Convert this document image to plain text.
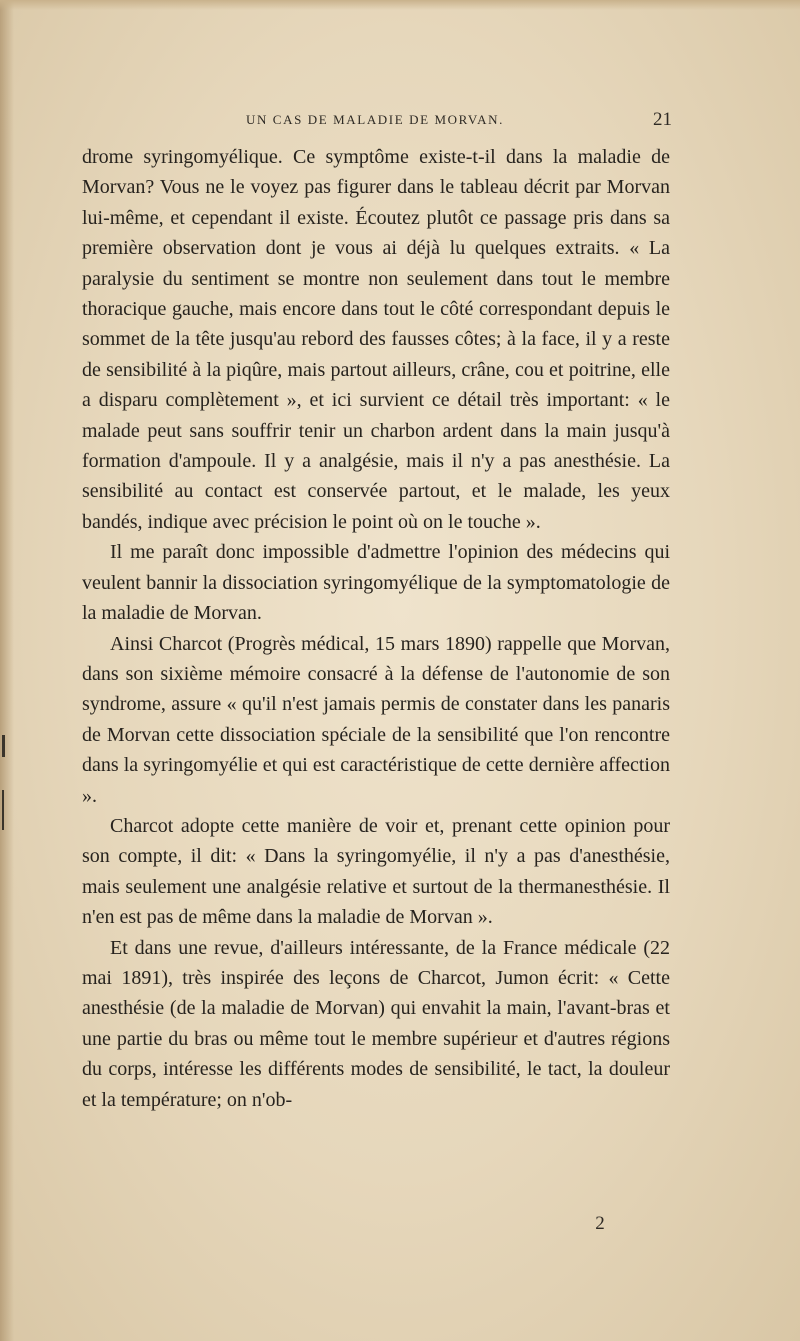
UN CAS DE MALADIE DE MORVAN.	21

drome syringomyélique. Ce symptôme existe-t-il dans la maladie de Morvan? Vous ne le voyez pas figurer dans le tableau décrit par Morvan lui-même, et cependant il existe. Écoutez plutôt ce passage pris dans sa première observation dont je vous ai déjà lu quelques extraits. « La paralysie du sentiment se montre non seulement dans tout le membre thoracique gauche, mais encore dans tout le côté correspondant depuis le sommet de la tête jusqu'au rebord des fausses côtes; à la face, il y a reste de sensibilité à la piqûre, mais partout ailleurs, crâne, cou et poitrine, elle a disparu complètement », et ici survient ce détail très important: « le malade peut sans souffrir tenir un charbon ardent dans la main jusqu'à formation d'ampoule. Il y a analgésie, mais il n'y a pas anesthésie. La sensibilité au contact est conservée partout, et le malade, les yeux bandés, indique avec précision le point où on le touche ».

Il me paraît donc impossible d'admettre l'opinion des médecins qui veulent bannir la dissociation syringomyélique de la symptomatologie de la maladie de Morvan.

Ainsi Charcot (Progrès médical, 15 mars 1890) rappelle que Morvan, dans son sixième mémoire consacré à la défense de l'autonomie de son syndrome, assure « qu'il n'est jamais permis de constater dans les panaris de Morvan cette dissociation spéciale de la sensibilité que l'on rencontre dans la syringomyélie et qui est caractéristique de cette dernière affection ».

Charcot adopte cette manière de voir et, prenant cette opinion pour son compte, il dit: « Dans la syringomyélie, il n'y a pas d'anesthésie, mais seulement une analgésie relative et surtout de la thermanesthésie. Il n'en est pas de même dans la maladie de Morvan ».

Et dans une revue, d'ailleurs intéressante, de la France médicale (22 mai 1891), très inspirée des leçons de Charcot, Jumon écrit: « Cette anesthésie (de la maladie de Morvan) qui envahit la main, l'avant-bras et une partie du bras ou même tout le membre supérieur et d'autres régions du corps, intéresse les différents modes de sensibilité, le tact, la douleur et la température; on n'ob-

2
